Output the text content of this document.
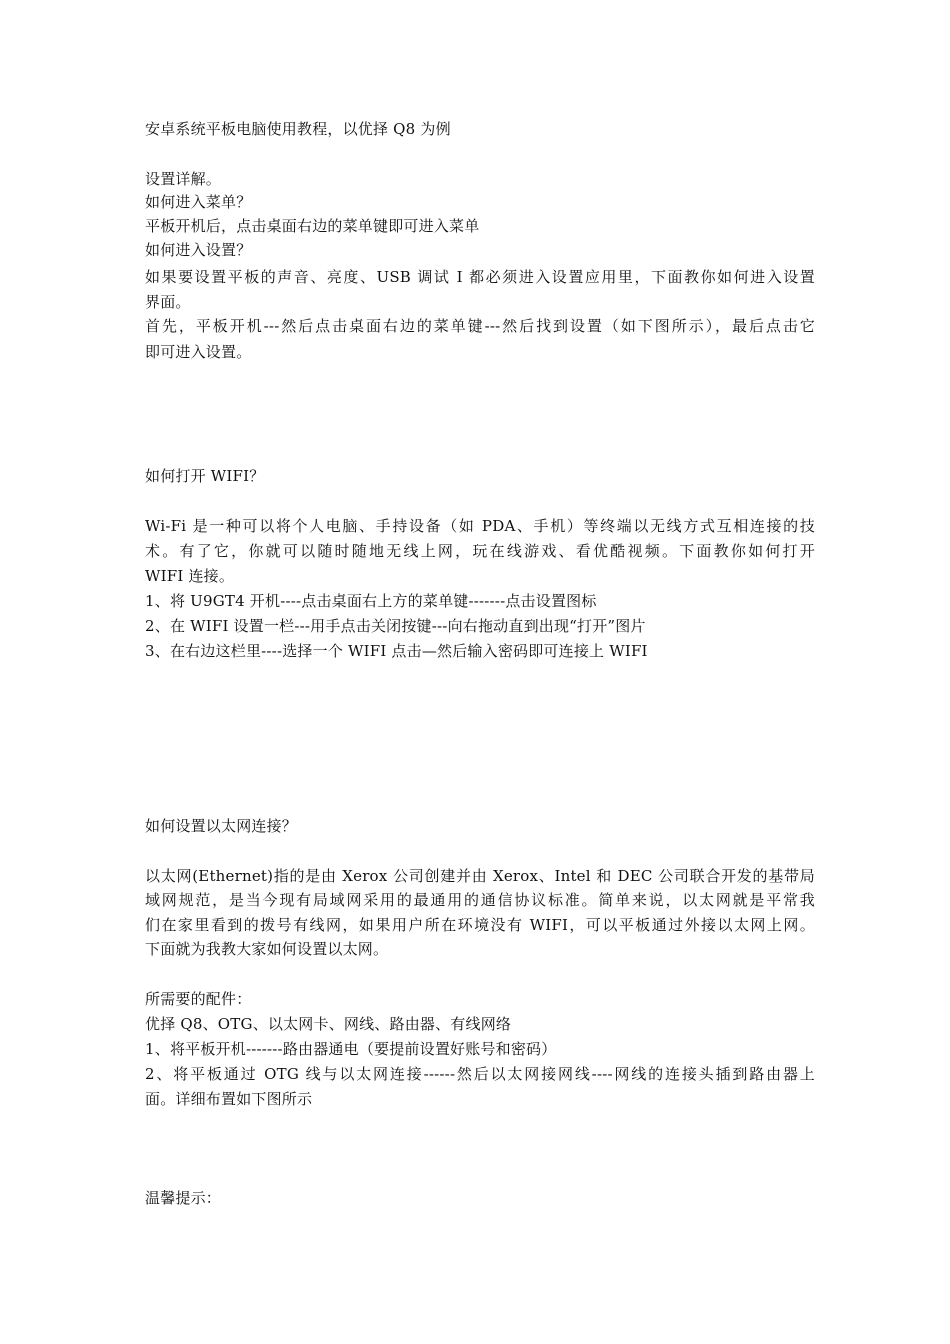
安卓系统平板电脑使用教程，以优择 Q8 为例
设置详解。
如何进入菜单？
平板开机后，点击桌面右边的菜单键即可进入菜单
如何进入设置？
如果要设置平板的声音、亮度、USB 调试 I 都必须进入设置应用里，下面教你如何进入设置
界面。
首先，平板开机---然后点击桌面右边的菜单键---然后找到设置（如下图所示），最后点击它
即可进入设置。
如何打开 WIFI？
Wi-Fi 是一种可以将个人电脑、手持设备（如 PDA、手机）等终端以无线方式互相连接的技
术。有了它，你就可以随时随地无线上网，玩在线游戏、看优酷视频。下面教你如何打开
WIFI 连接。
1、将 U9GT4 开机----点击桌面右上方的菜单键-------点击设置图标
2、在 WIFI 设置一栏---用手点击关闭按键---向右拖动直到出现“打开”图片
3、在右边这栏里----选择一个 WIFI 点击—然后输入密码即可连接上 WIFI
如何设置以太网连接？
以太网(Ethernet)指的是由 Xerox 公司创建并由 Xerox、Intel 和 DEC 公司联合开发的基带局
域网规范，是当今现有局域网采用的最通用的通信协议标准。简单来说，以太网就是平常我
们在家里看到的拨号有线网，如果用户所在环境没有 WIFI，可以平板通过外接以太网上网。
下面就为我教大家如何设置以太网。
所需要的配件：
优择 Q8、OTG、以太网卡、网线、路由器、有线网络
1、将平板开机-------路由器通电（要提前设置好账号和密码）
2、将平板通过 OTG 线与以太网连接------然后以太网接网线----网线的连接头插到路由器上
面。详细布置如下图所示
温馨提示：
